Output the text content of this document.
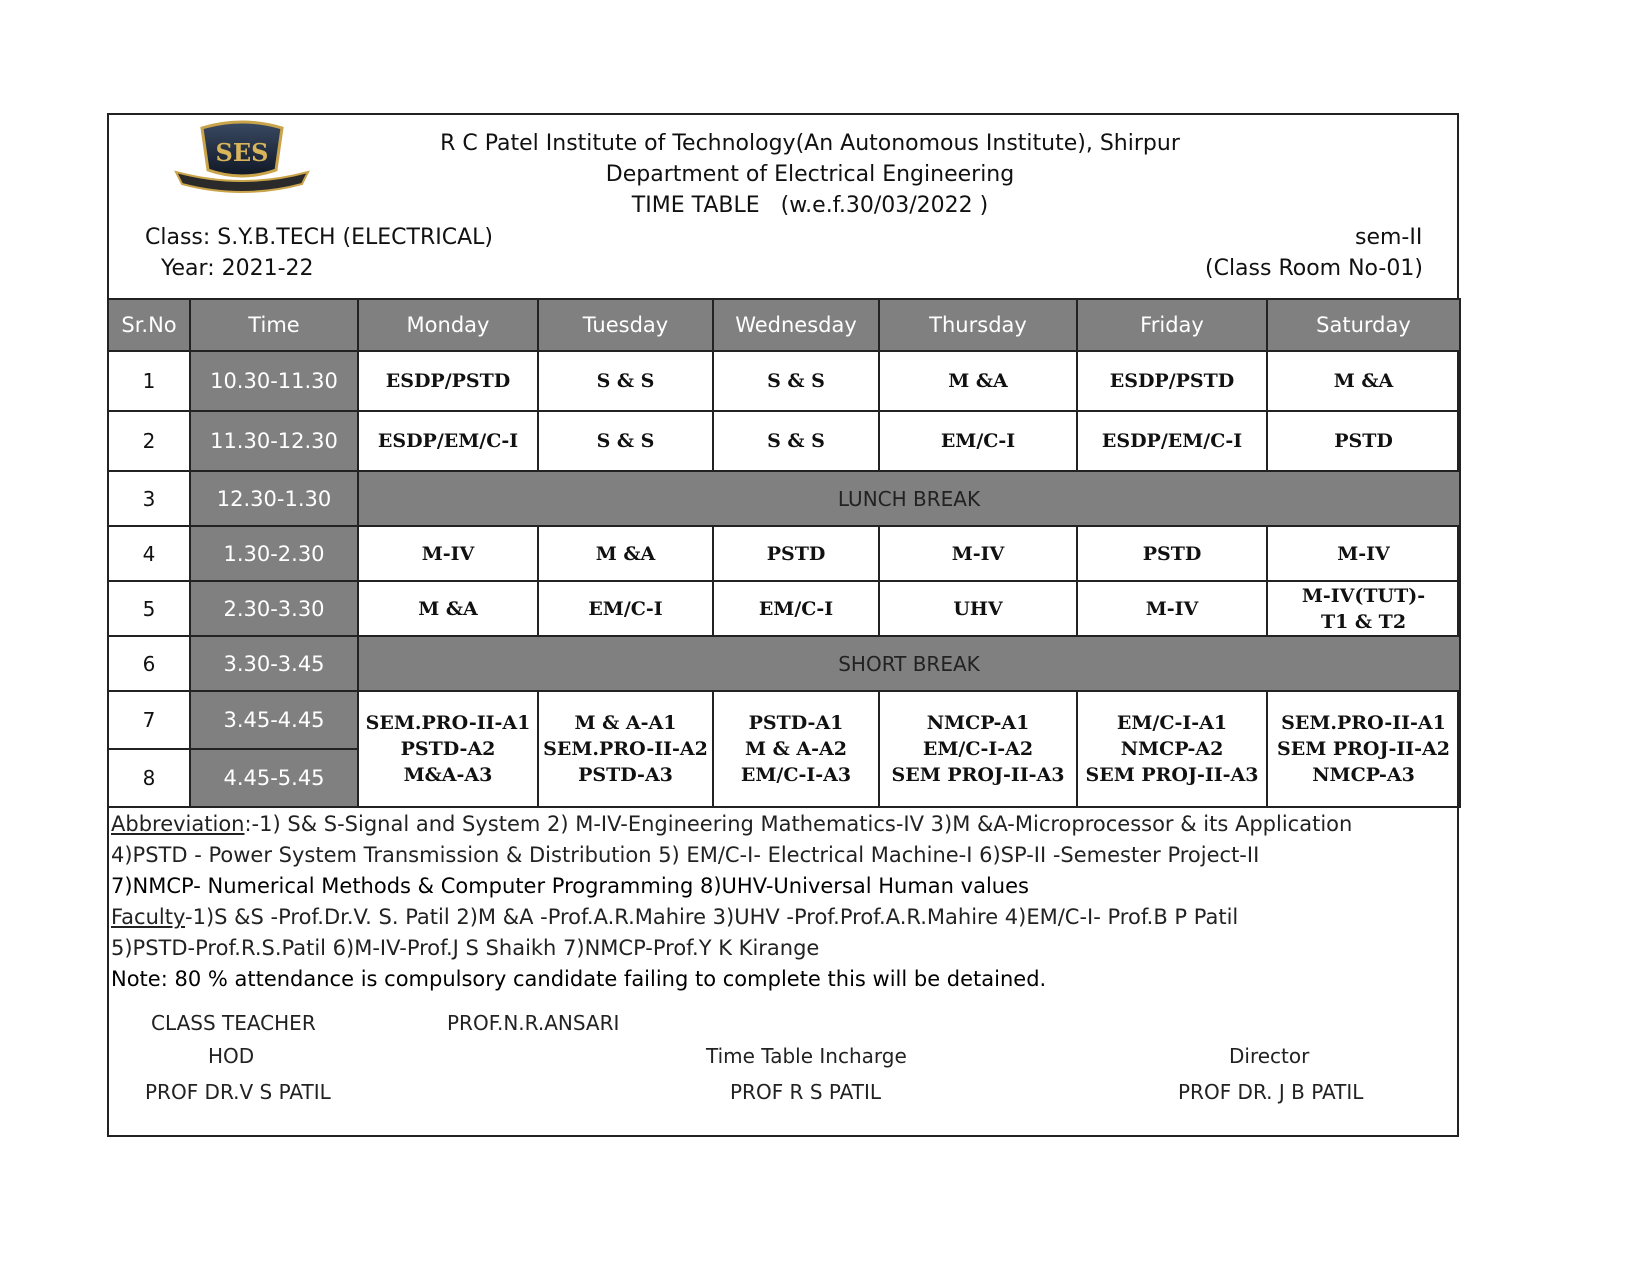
SES	R C Patel Institute of Technology(An Autonomous Institute), Shirpur
Department of Electrical Engineering
TIME TABLE   (w.e.f.30/03/2022 )
Class: S.Y.B.TECH (ELECTRICAL)
Year: 2021-22
sem-II
(Class Room No-01)
Sr.No	Time	Monday	Tuesday	Wednesday	Thursday	Friday	Saturday
1	10.30-11.30	ESDP/PSTD	S & S	S & S	M &A	ESDP/PSTD	M &A
2	11.30-12.30	ESDP/EM/C-I	S & S	S & S	EM/C-I	ESDP/EM/C-I	PSTD
3	12.30-1.30	LUNCH BREAK					
4	1.30-2.30	M-IV	M &A	PSTD	M-IV	PSTD	M-IV
5	2.30-3.30	M &A	EM/C-I	EM/C-I	UHV	M-IV	M-IV(TUT)-
T1 & T2
6	3.30-3.45	SHORT BREAK					
7	3.45-4.45	SEM.PRO-II-A1
PSTD-A2
M&A-A3	M & A-A1
SEM.PRO-II-A2
PSTD-A3	PSTD-A1
M & A-A2
EM/C-I-A3	NMCP-A1
EM/C-I-A2
SEM PROJ-II-A3	EM/C-I-A1
NMCP-A2
SEM PROJ-II-A3	SEM.PRO-II-A1
SEM PROJ-II-A2
NMCP-A3
8	4.45-5.45						
Abbreviation:-1) S& S-Signal and System 2) M-IV-Engineering Mathematics-IV 3)M &A-Microprocessor & its Application
4)PSTD - Power System Transmission & Distribution 5) EM/C-I- Electrical Machine-I 6)SP-II -Semester Project-II
7)NMCP- Numerical Methods & Computer Programming 8)UHV-Universal Human values
Faculty-1)S &S -Prof.Dr.V. S. Patil 2)M &A -Prof.A.R.Mahire 3)UHV -Prof.Prof.A.R.Mahire 4)EM/C-I- Prof.B P Patil
5)PSTD-Prof.R.S.Patil 6)M-IV-Prof.J S Shaikh 7)NMCP-Prof.Y K Kirange
Note: 80 % attendance is compulsory candidate failing to complete this will be detained.
CLASS TEACHER	PROF.N.R.ANSARI
HOD
PROF DR.V S PATIL
Time Table Incharge
PROF R S PATIL
Director
PROF DR. J B PATIL
